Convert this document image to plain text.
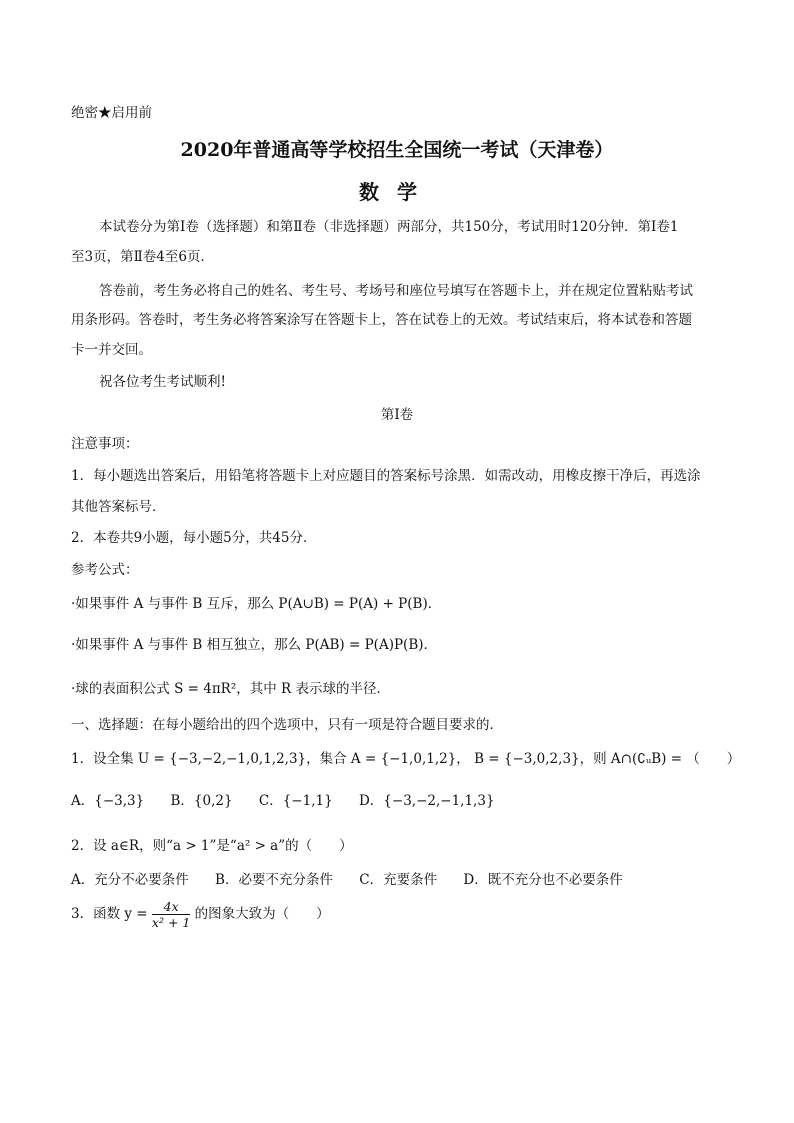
绝密★启用前
2020年普通高等学校招生全国统一考试（天津卷）
数学
本试卷分为第Ⅰ卷（选择题）和第Ⅱ卷（非选择题）两部分，共150分，考试用时120分钟．第Ⅰ卷1
至3页，第Ⅱ卷4至6页．
答卷前，考生务必将自己的姓名、考生号、考场号和座位号填写在答题卡上，并在规定位置粘贴考试
用条形码。答卷时，考生务必将答案涂写在答题卡上，答在试卷上的无效。考试结束后，将本试卷和答题
卡一并交回。
祝各位考生考试顺利!
第Ⅰ卷
注意事项：
1．每小题选出答案后，用铅笔将答题卡上对应题目的答案标号涂黑．如需改动，用橡皮擦干净后，再选涂
其他答案标号．
2．本卷共9小题，每小题5分，共45分．
参考公式：
·如果事件 A 与事件 B 互斥，那么 P(A∪B) = P(A) + P(B)．
·如果事件 A 与事件 B 相互独立，那么 P(AB) = P(A)P(B)．
·球的表面积公式 S = 4πR²，其中 R 表示球的半径．
一、选择题：在每小题给出的四个选项中，只有一项是符合题目要求的．
1．设全集 U = {−3,−2,−1,0,1,2,3}，集合 A = {−1,0,1,2}， B = {−3,0,2,3}，则 A∩(∁ᵤB) = （　　）
A．{−3,3} B．{0,2} C．{−1,1} D．{−3,−2,−1,1,3}
2．设 a∈R，则“a > 1”是“a² > a”的（　　）
A．充分不必要条件 B．必要不充分条件 C．充要条件 D．既不充分也不必要条件
3．函数 $y = \frac{4x}{\text{x² + 1}}$ 的图象大致为（　　）
